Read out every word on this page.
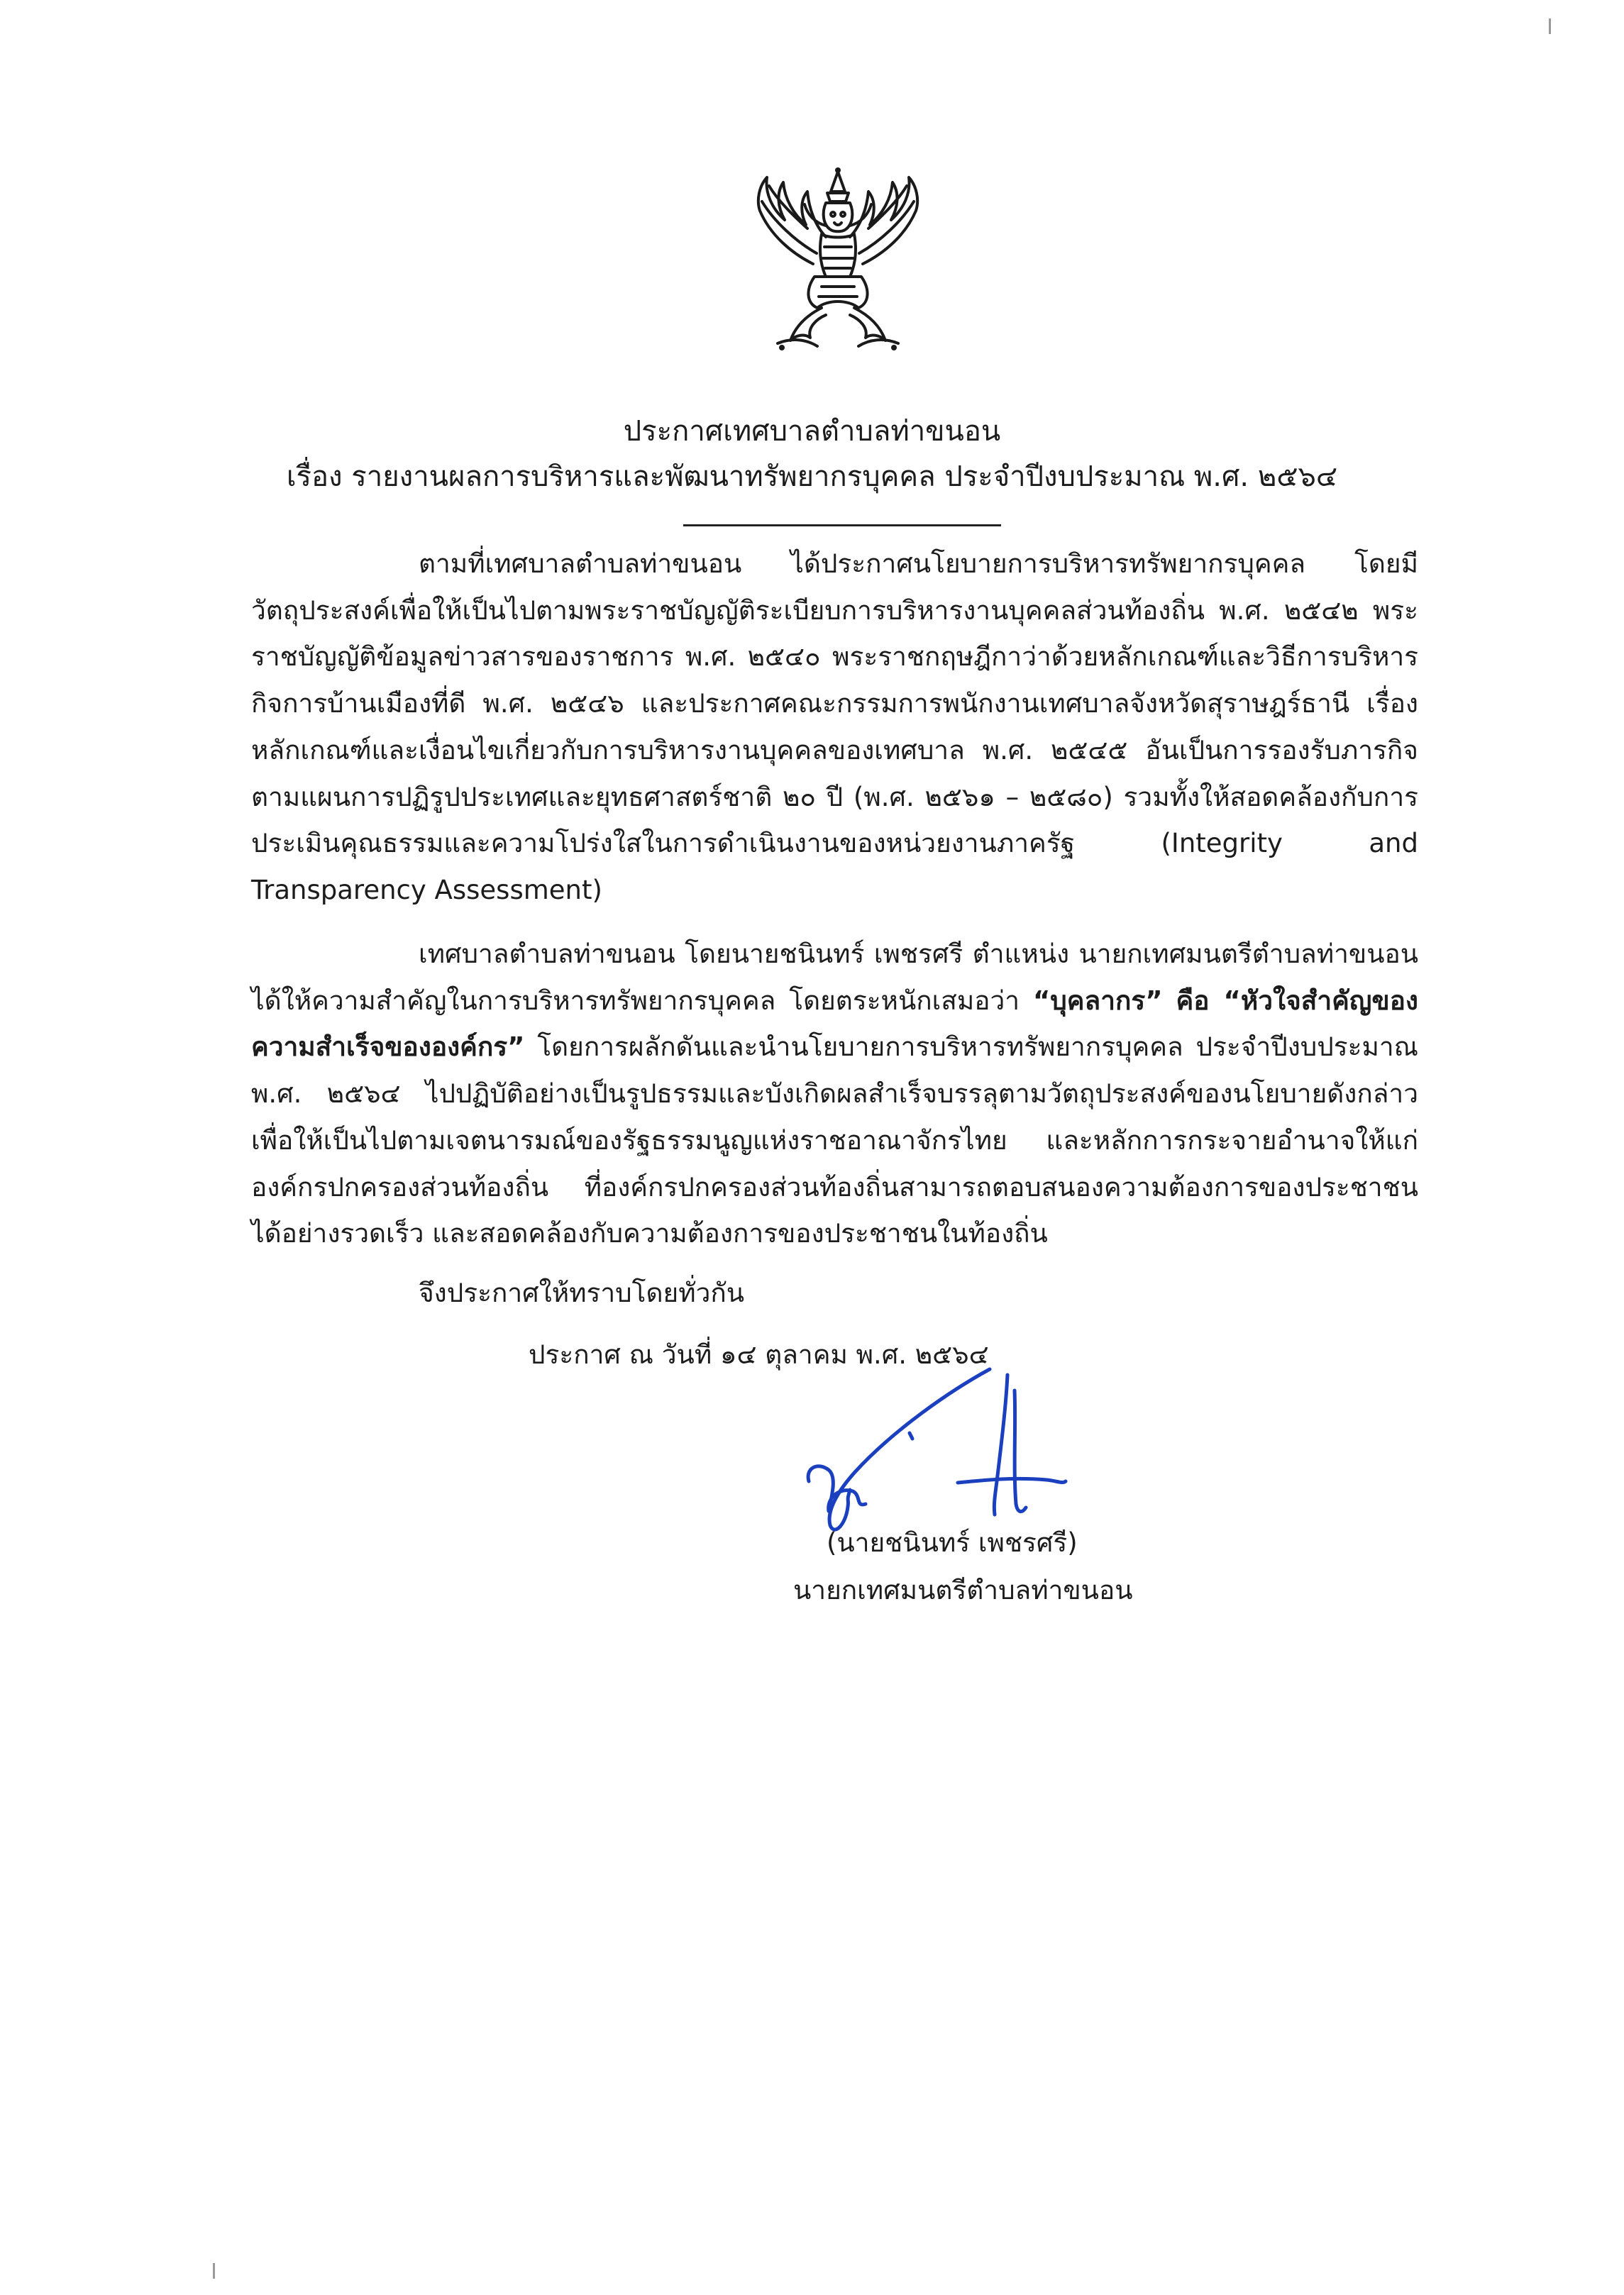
ประกาศเทศบาลตำบลท่าขนอน
เรื่อง รายงานผลการบริหารและพัฒนาทรัพยากรบุคคล ประจำปีงบประมาณ พ.ศ. ๒๕๖๔

ตามที่เทศบาลตำบลท่าขนอน ได้ประกาศนโยบายการบริหารทรัพยากรบุคคล โดยมีวัตถุประสงค์เพื่อให้เป็นไปตามพระราชบัญญัติระเบียบการบริหารงานบุคคลส่วนท้องถิ่น พ.ศ. ๒๕๔๒ พระราชบัญญัติข้อมูลข่าวสารของราชการ พ.ศ. ๒๕๔๐ พระราชกฤษฎีกาว่าด้วยหลักเกณฑ์และวิธีการบริหารกิจการบ้านเมืองที่ดี พ.ศ. ๒๕๔๖ และประกาศคณะกรรมการพนักงานเทศบาลจังหวัดสุราษฎร์ธานี เรื่อง หลักเกณฑ์และเงื่อนไขเกี่ยวกับการบริหารงานบุคคลของเทศบาล พ.ศ. ๒๕๔๕ อันเป็นการรองรับภารกิจตามแผนการปฏิรูปประเทศและยุทธศาสตร์ชาติ ๒๐ ปี (พ.ศ. ๒๕๖๑ – ๒๕๘๐) รวมทั้งให้สอดคล้องกับการประเมินคุณธรรมและความโปร่งใสในการดำเนินงานของหน่วยงานภาครัฐ (Integrity and Transparency Assessment)

เทศบาลตำบลท่าขนอน โดยนายชนินทร์ เพชรศรี ตำแหน่ง นายกเทศมนตรีตำบลท่าขนอน ได้ให้ความสำคัญในการบริหารทรัพยากรบุคคล โดยตระหนักเสมอว่า “บุคลากร” คือ “หัวใจสำคัญของความสำเร็จขององค์กร” โดยการผลักดันและนำนโยบายการบริหารทรัพยากรบุคคล ประจำปีงบประมาณ พ.ศ. ๒๕๖๔ ไปปฏิบัติอย่างเป็นรูปธรรมและบังเกิดผลสำเร็จบรรลุตามวัตถุประสงค์ของนโยบายดังกล่าว เพื่อให้เป็นไปตามเจตนารมณ์ของรัฐธรรมนูญแห่งราชอาณาจักรไทย และหลักการกระจายอำนาจให้แก่องค์กรปกครองส่วนท้องถิ่น ที่องค์กรปกครองส่วนท้องถิ่นสามารถตอบสนองความต้องการของประชาชนได้อย่างรวดเร็ว และสอดคล้องกับความต้องการของประชาชนในท้องถิ่น

จึงประกาศให้ทราบโดยทั่วกัน
ประกาศ ณ วันที่ ๑๔ ตุลาคม พ.ศ. ๒๕๖๔
(นายชนินทร์ เพชรศรี)
นายกเทศมนตรีตำบลท่าขนอน
